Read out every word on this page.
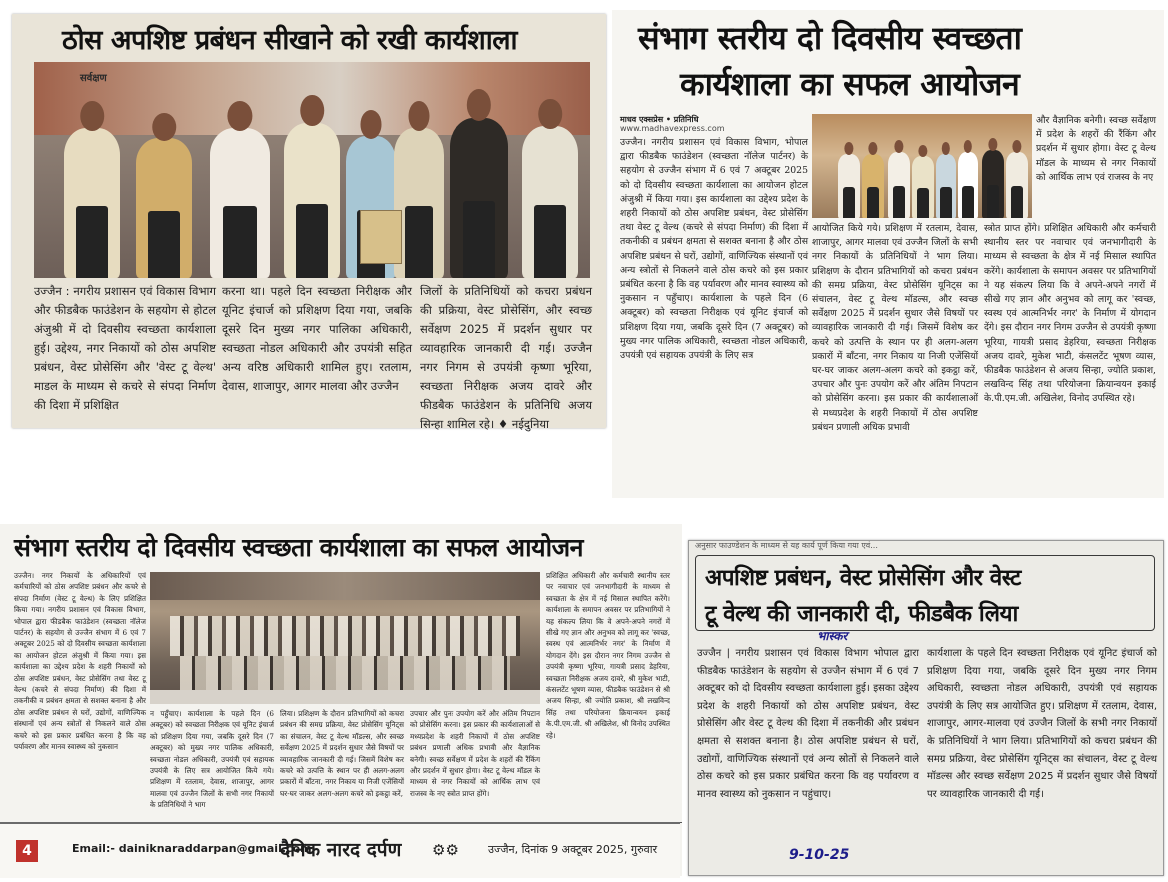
ठोस अपशिष्ट प्रबंधन सीखाने को रखी कार्यशाला
सर्वक्षण
उज्जैन : नगरीय प्रशासन एवं विकास विभाग और फीडबैक फाउंडेशन के सहयोग से होटल अंजुश्री में दो दिवसीय स्वच्छता कार्यशाला हुई। उद्देश्य, नगर निकायों को ठोस अपशिष्ट प्रबंधन, वेस्ट प्रोसेसिंग और 'वेस्ट टू वेल्थ' माडल के माध्यम से कचरे से संपदा निर्माण की दिशा में प्रशिक्षित
करना था। पहले दिन स्वच्छता निरीक्षक और यूनिट इंचार्ज को प्रशिक्षण दिया गया, जबकि दूसरे दिन मुख्य नगर पालिका अधिकारी, स्वच्छता नोडल अधिकारी और उपयंत्री सहित अन्य वरिष्ठ अधिकारी शामिल हुए। रतलाम, देवास, शाजापुर, आगर मालवा और उज्जैन
जिलों के प्रतिनिधियों को कचरा प्रबंधन की प्रक्रिया, वेस्ट प्रोसेसिंग, और स्वच्छ सर्वेक्षण 2025 में प्रदर्शन सुधार पर व्यावहारिक जानकारी दी गई। उज्जैन नगर निगम से उपयंत्री कृष्णा भूरिया, स्वच्छता निरीक्षक अजय दावरे और फीडबैक फाउंडेशन के प्रतिनिधि अजय सिन्हा शामिल रहे। ♦ नईदुनिया
संभाग स्तरीय दो दिवसीय स्वच्छता
कार्यशाला का सफल आयोजन
माधव एक्सप्रेस • प्रतिनिधि
www.madhavexpress.com
उज्जैन। नगरीय प्रशासन एवं विकास विभाग, भोपाल द्वारा फीडबैक फाउंडेशन (स्वच्छता नॉलेज पार्टनर) के सहयोग से उज्जैन संभाग में 6 एवं 7 अक्टूबर 2025 को दो दिवसीय स्वच्छता कार्यशाला का आयोजन होटल अंजुश्री में किया गया। इस कार्यशाला का उद्देश्य प्रदेश के शहरी निकायों को ठोस अपशिष्ट प्रबंधन, वेस्ट प्रोसेसिंग तथा वेस्ट टू वेल्थ (कचरे से संपदा निर्माण) की दिशा में तकनीकी व प्रबंधन क्षमता से सशक्त बनाना है और ठोस अपशिष्ट प्रबंधन से घरों, उद्योगों, वाणिज्यिक संस्थानों एवं अन्य स्त्रोतों से निकलने वाले ठोस कचरे को इस प्रकार प्रबंधित करना है कि वह पर्यावरण और मानव स्वास्थ्य को नुकसान न पहुँचाए। कार्यशाला के पहले दिन (6 अक्टूबर) को स्वच्छता निरीक्षक एवं यूनिट इंचार्ज को प्रशिक्षण दिया गया, जबकि दूसरे दिन (7 अक्टूबर) को मुख्य नगर पालिक अधिकारी, स्वच्छता नोडल अधिकारी, उपयंत्री एवं सहायक उपयंत्री के लिए सत्र
और वैज्ञानिक बनेगी। स्वच्छ सर्वेक्षण में प्रदेश के शहरों की रैंकिंग और प्रदर्शन में सुधार होगा। वेस्ट टू वेल्थ मॉडल के माध्यम से नगर निकायों को आर्थिक लाभ एवं राजस्व के नए
आयोजित किये गये। प्रशिक्षण में रतलाम, देवास, शाजापुर, आगर मालवा एवं उज्जैन जिलों के सभी नगर निकायों के प्रतिनिधियों ने भाग लिया। प्रशिक्षण के दौरान प्रतिभागियों को कचरा प्रबंधन की समग्र प्रक्रिया, वेस्ट प्रोसेसिंग यूनिट्स का संचालन, वेस्ट टू वेल्थ मॉडल्स, और स्वच्छ सर्वेक्षण 2025 में प्रदर्शन सुधार जैसे विषयों पर व्यावहारिक जानकारी दी गई। जिसमें विशेष कर कचरे को उत्पत्ति के स्थान पर ही अलग-अलग प्रकारों में बाँटना, नगर निकाय या निजी एजेंसियों घर-घर जाकर अलग-अलग कचरे को इकट्ठा करें, उपचार और पुनः उपयोग करें और अंतिम निपटान को प्रोसेसिंग करना। इस प्रकार की कार्यशालाओं से मध्यप्रदेश के शहरी निकायों में ठोस अपशिष्ट प्रबंधन प्रणाली अधिक प्रभावी
स्त्रोत प्राप्त होंगे। प्रशिक्षित अधिकारी और कर्मचारी स्थानीय स्तर पर नवाचार एवं जनभागीदारी के माध्यम से स्वच्छता के क्षेत्र में नई मिसाल स्थापित करेंगे। कार्यशाला के समापन अवसर पर प्रतिभागियों ने यह संकल्प लिया कि वे अपने-अपने नगरों में सीखे गए ज्ञान और अनुभव को लागू कर 'स्वच्छ, स्वस्थ एवं आत्मनिर्भर नगर' के निर्माण में योगदान देंगे। इस दौरान नगर निगम उज्जैन से उपयंत्री कृष्णा भूरिया, गायत्री प्रसाद डेहरिया, स्वच्छता निरीक्षक अजय दावरे, मुकेश भाटी, कंसलटेंट भूषण व्यास, फीडबैक फाउंडेशन से अजय सिन्हा, ज्योति प्रकाश, लखविन्द सिंह तथा परियोजना क्रियान्वयन इकाई के.पी.एम.जी. अखिलेश, विनोद उपस्थित रहे।
संभाग स्तरीय दो दिवसीय स्वच्छता कार्यशाला का सफल आयोजन
उज्जैन। नगर निकायों के अधिकारियों एवं कर्मचारियों को ठोस अपशिष्ट प्रबंधन और कचरे से संपदा निर्माण (वेस्ट टू वेल्थ) के लिए प्रशिक्षित किया गया। नगरीय प्रशासन एवं विकास विभाग, भोपाल द्वारा फीडबैक फाउंडेशन (स्वच्छता नॉलेज पार्टनर) के सहयोग से उज्जैन संभाग में 6 एवं 7 अक्टूबर 2025 को दो दिवसीय स्वच्छता कार्यशाला का आयोजन होटल अंजुश्री में किया गया। इस कार्यशाला का उद्देश्य प्रदेश के शहरी निकायों को ठोस अपशिष्ट प्रबंधन, वेस्ट प्रोसेसिंग तथा वेस्ट टू वेल्थ (कचरे से संपदा निर्माण) की दिशा में तकनीकी व प्रबंधन क्षमता से सशक्त बनाना है और ठोस अपशिष्ट प्रबंधन से घरों, उद्योगों, वाणिज्यिक संस्थानों एवं अन्य स्त्रोतों से निकलने वाले ठोस कचरे को इस प्रकार प्रबंधित करना है कि वह पर्यावरण और मानव स्वास्थ्य को नुकसान
न पहुँचाए। कार्यशाला के पहले दिन (6 अक्टूबर) को स्वच्छता निरीक्षक एवं यूनिट इंचार्ज को प्रशिक्षण दिया गया, जबकि दूसरे दिन (7 अक्टूबर) को मुख्य नगर पालिक अधिकारी, स्वच्छता नोडल अधिकारी, उपयंत्री एवं सहायक उपयंत्री के लिए सत्र आयोजित किये गये। प्रशिक्षण में रतलाम, देवास, शाजापुर, आगर मालवा एवं उज्जैन जिलों के सभी नगर निकायों के प्रतिनिधियों ने भाग
लिया। प्रशिक्षण के दौरान प्रतिभागियों को कचरा प्रबंधन की समग्र प्रक्रिया, वेस्ट प्रोसेसिंग यूनिट्स का संचालन, वेस्ट टू वेल्थ मॉडल्स, और स्वच्छ सर्वेक्षण 2025 में प्रदर्शन सुधार जैसे विषयों पर व्यावहारिक जानकारी दी गई। जिसमें विशेष कर कचरे को उत्पत्ति के स्थान पर ही अलग-अलग प्रकारों में बाँटना, नगर निकाय या निजी एजेंसियों घर-घर जाकर अलग-अलग कचरे को इकट्ठा करें,
उपचार और पुनः उपयोग करें और अंतिम निपटान को प्रोसेसिंग करना। इस प्रकार की कार्यशालाओं से मध्यप्रदेश के शहरी निकायों में ठोस अपशिष्ट प्रबंधन प्रणाली अधिक प्रभावी और वैज्ञानिक बनेगी। स्वच्छ सर्वेक्षण में प्रदेश के शहरों की रैंकिंग और प्रदर्शन में सुधार होगा। वेस्ट टू वेल्थ मॉडल के माध्यम से नगर निकायों को आर्थिक लाभ एवं राजस्व के नए स्त्रोत प्राप्त होंगे।
प्रशिक्षित अधिकारी और कर्मचारी स्थानीय स्तर पर नवाचार एवं जनभागीदारी के माध्यम से स्वच्छता के क्षेत्र में नई मिसाल स्थापित करेंगे। कार्यशाला के समापन अवसर पर प्रतिभागियों ने यह संकल्प लिया कि वे अपने-अपने नगरों में सीखे गए ज्ञान और अनुभव को लागू कर 'स्वच्छ, स्वस्थ एवं आत्मनिर्भर नगर' के निर्माण में योगदान देंगे। इस दौरान नगर निगम उज्जैन से उपयंत्री कृष्णा भूरिया, गायत्री प्रसाद डेहरिया, स्वच्छता निरीक्षक अजय दावरे, श्री मुकेश भाटी, कंसलटेंट भूषण व्यास, फीडबैक फाउंडेशन से श्री अजय सिन्हा, श्री ज्योति प्रकाश, श्री लखविन्द सिंह तथा परियोजना क्रियान्वयन इकाई के.पी.एम.जी. श्री अखिलेश, श्री विनोद उपस्थित रहे।
4	Email:- dainiknaraddarpan@gmail.com
दैनिक नारद दर्पण ⚙⚙	उज्जैन, दिनांक 9 अक्टूबर 2025, गुरुवार
अनुसार फाउण्डेशन के माध्यम से यह कार्य पूर्ण किया गया एवं...
अपशिष्ट प्रबंधन, वेस्ट प्रोसेसिंग और वेस्ट
टू वेल्थ की जानकारी दी, फीडबैक लिया
भास्कर
उज्जैन | नगरीय प्रशासन एवं विकास विभाग भोपाल द्वारा फीडबैक फाउंडेशन के सहयोग से उज्जैन संभाग में 6 एवं 7 अक्टूबर को दो दिवसीय स्वच्छता कार्यशाला हुई। इसका उद्देश्य प्रदेश के शहरी निकायों को ठोस अपशिष्ट प्रबंधन, वेस्ट प्रोसेसिंग और वेस्ट टू वेल्थ की दिशा में तकनीकी और प्रबंधन क्षमता से सशक्त बनाना है। ठोस अपशिष्ट प्रबंधन से घरों, उद्योगों, वाणिज्यिक संस्थानों एवं अन्य स्रोतों से निकलने वाले ठोस कचरे को इस प्रकार प्रबंधित करना कि वह पर्यावरण व मानव स्वास्थ्य को नुकसान न पहुंचाए।
9-10-25
कार्यशाला के पहले दिन स्वच्छता निरीक्षक एवं यूनिट इंचार्ज को प्रशिक्षण दिया गया, जबकि दूसरे दिन मुख्य नगर निगम अधिकारी, स्वच्छता नोडल अधिकारी, उपयंत्री एवं सहायक उपयंत्री के लिए सत्र आयोजित हुए। प्रशिक्षण में रतलाम, देवास, शाजापुर, आगर-मालवा एवं उज्जैन जिलों के सभी नगर निकायों के प्रतिनिधियों ने भाग लिया। प्रतिभागियों को कचरा प्रबंधन की समग्र प्रक्रिया, वेस्ट प्रोसेसिंग यूनिट्स का संचालन, वेस्ट टू वेल्थ मॉडल्स और स्वच्छ सर्वेक्षण 2025 में प्रदर्शन सुधार जैसे विषयों पर व्यावहारिक जानकारी दी गई।
